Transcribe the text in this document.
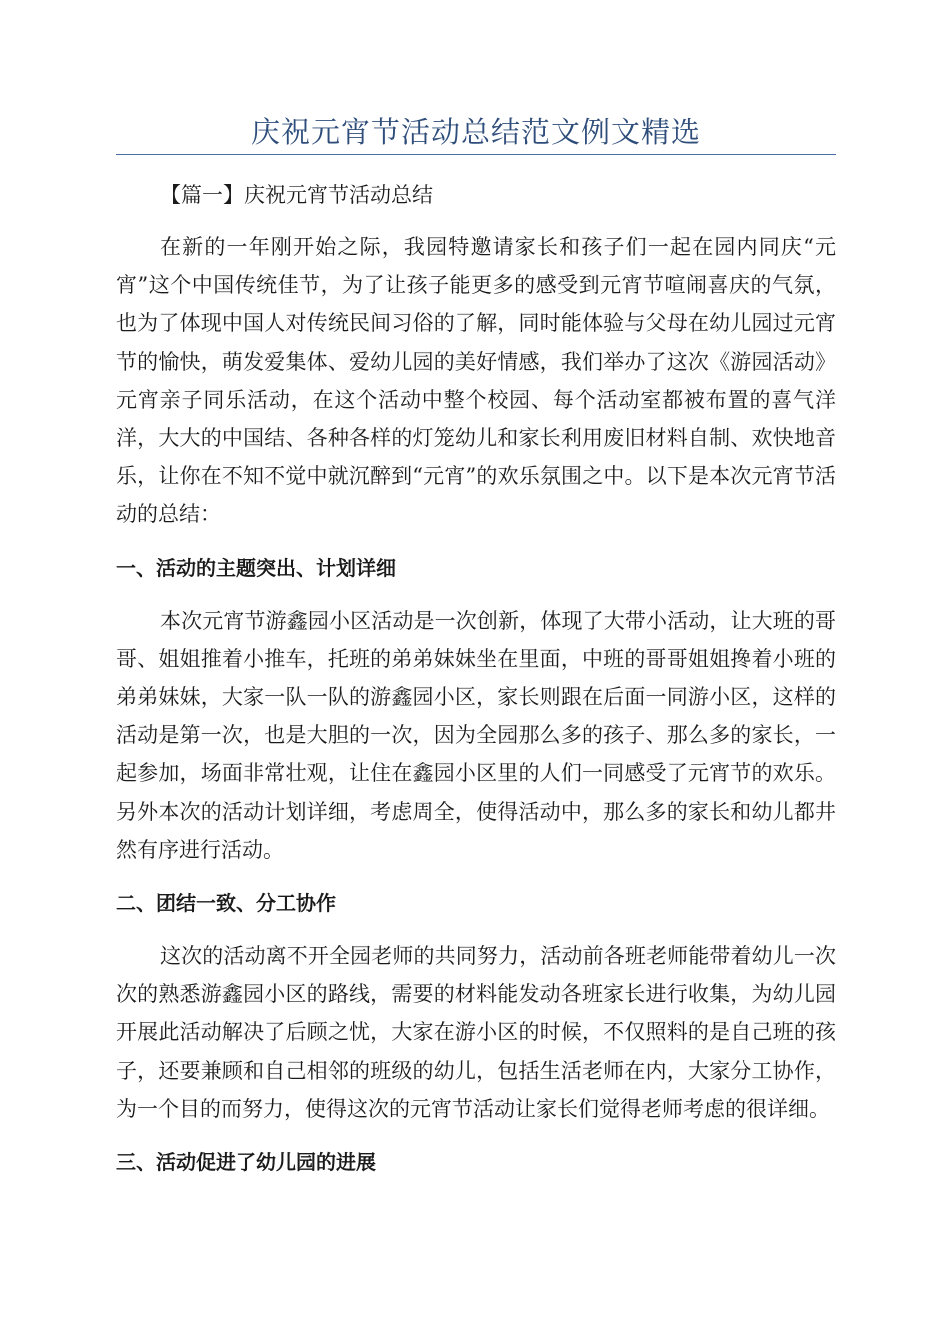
庆祝元宵节活动总结范文例文精选

【篇一】庆祝元宵节活动总结

在新的一年刚开始之际，我园特邀请家长和孩子们一起在园内同庆“元宵”这个中国传统佳节，为了让孩子能更多的感受到元宵节喧闹喜庆的气氛，也为了体现中国人对传统民间习俗的了解，同时能体验与父母在幼儿园过元宵节的愉快，萌发爱集体、爱幼儿园的美好情感，我们举办了这次《游园活动》元宵亲子同乐活动，在这个活动中整个校园、每个活动室都被布置的喜气洋洋，大大的中国结、各种各样的灯笼幼儿和家长利用废旧材料自制、欢快地音乐，让你在不知不觉中就沉醉到“元宵”的欢乐氛围之中。以下是本次元宵节活动的总结：

一、活动的主题突出、计划详细

本次元宵节游鑫园小区活动是一次创新，体现了大带小活动，让大班的哥哥、姐姐推着小推车，托班的弟弟妹妹坐在里面，中班的哥哥姐姐搀着小班的弟弟妹妹，大家一队一队的游鑫园小区，家长则跟在后面一同游小区，这样的活动是第一次，也是大胆的一次，因为全园那么多的孩子、那么多的家长，一起参加，场面非常壮观，让住在鑫园小区里的人们一同感受了元宵节的欢乐。另外本次的活动计划详细，考虑周全，使得活动中，那么多的家长和幼儿都井然有序进行活动。

二、团结一致、分工协作

这次的活动离不开全园老师的共同努力，活动前各班老师能带着幼儿一次次的熟悉游鑫园小区的路线，需要的材料能发动各班家长进行收集，为幼儿园开展此活动解决了后顾之忧，大家在游小区的时候，不仅照料的是自己班的孩子，还要兼顾和自己相邻的班级的幼儿，包括生活老师在内，大家分工协作，为一个目的而努力，使得这次的元宵节活动让家长们觉得老师考虑的很详细。

三、活动促进了幼儿园的进展
